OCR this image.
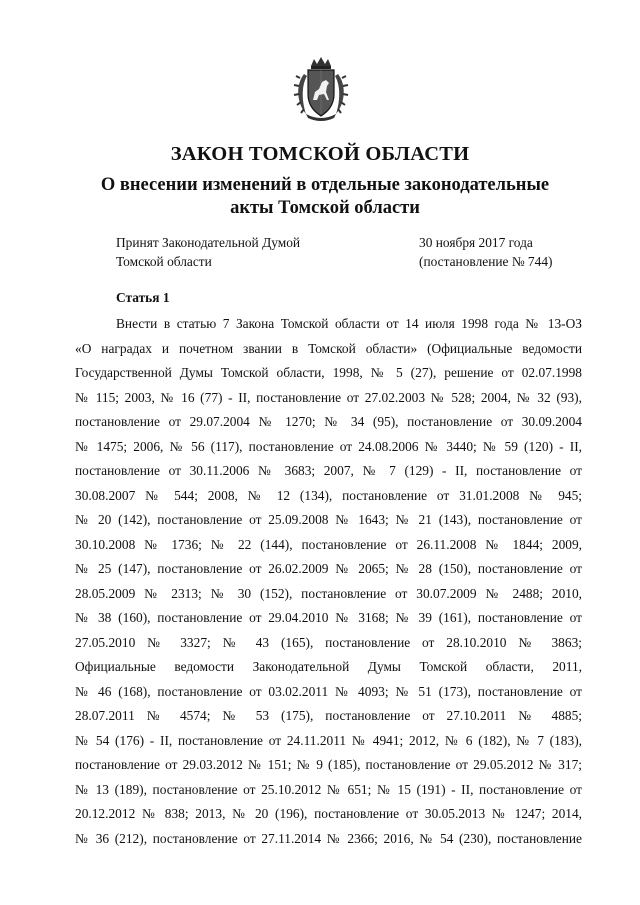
ЗАКОН ТОМСКОЙ ОБЛАСТИ
О внесении изменений в отдельные законодательные
акты Томской области
Принят Законодательной Думой
Томской области
30 ноября 2017 года
(постановление № 744)
Статья 1
Внести в статью 7 Закона Томской области от 14 июля 1998 года № 13-ОЗ
«О наградах и почетном звании в Томской области» (Официальные ведомости
Государственной Думы Томской области, 1998, № 5 (27), решение от 02.07.1998
№ 115; 2003, № 16 (77) - II, постановление от 27.02.2003 № 528; 2004, № 32 (93),
постановление от 29.07.2004 № 1270; № 34 (95), постановление от 30.09.2004
№ 1475; 2006, № 56 (117), постановление от 24.08.2006 № 3440; № 59 (120) - II,
постановление от 30.11.2006 № 3683; 2007, № 7 (129) - II, постановление от
30.08.2007 № 544; 2008, № 12 (134), постановление от 31.01.2008 № 945;
№ 20 (142), постановление от 25.09.2008 № 1643; № 21 (143), постановление от
30.10.2008 № 1736; № 22 (144), постановление от 26.11.2008 № 1844; 2009,
№ 25 (147), постановление от 26.02.2009 № 2065; № 28 (150), постановление от
28.05.2009 № 2313; № 30 (152), постановление от 30.07.2009 № 2488; 2010,
№ 38 (160), постановление от 29.04.2010 № 3168; № 39 (161), постановление от
27.05.2010 № 3327; № 43 (165), постановление от 28.10.2010 № 3863;
Официальные ведомости Законодательной Думы Томской области, 2011,
№ 46 (168), постановление от 03.02.2011 № 4093; № 51 (173), постановление от
28.07.2011 № 4574; № 53 (175), постановление от 27.10.2011 № 4885;
№ 54 (176) - II, постановление от 24.11.2011 № 4941; 2012, № 6 (182), № 7 (183),
постановление от 29.03.2012 № 151; № 9 (185), постановление от 29.05.2012 № 317;
№ 13 (189), постановление от 25.10.2012 № 651; № 15 (191) - II, постановление от
20.12.2012 № 838; 2013, № 20 (196), постановление от 30.05.2013 № 1247; 2014,
№ 36 (212), постановление от 27.11.2014 № 2366; 2016, № 54 (230), постановление
